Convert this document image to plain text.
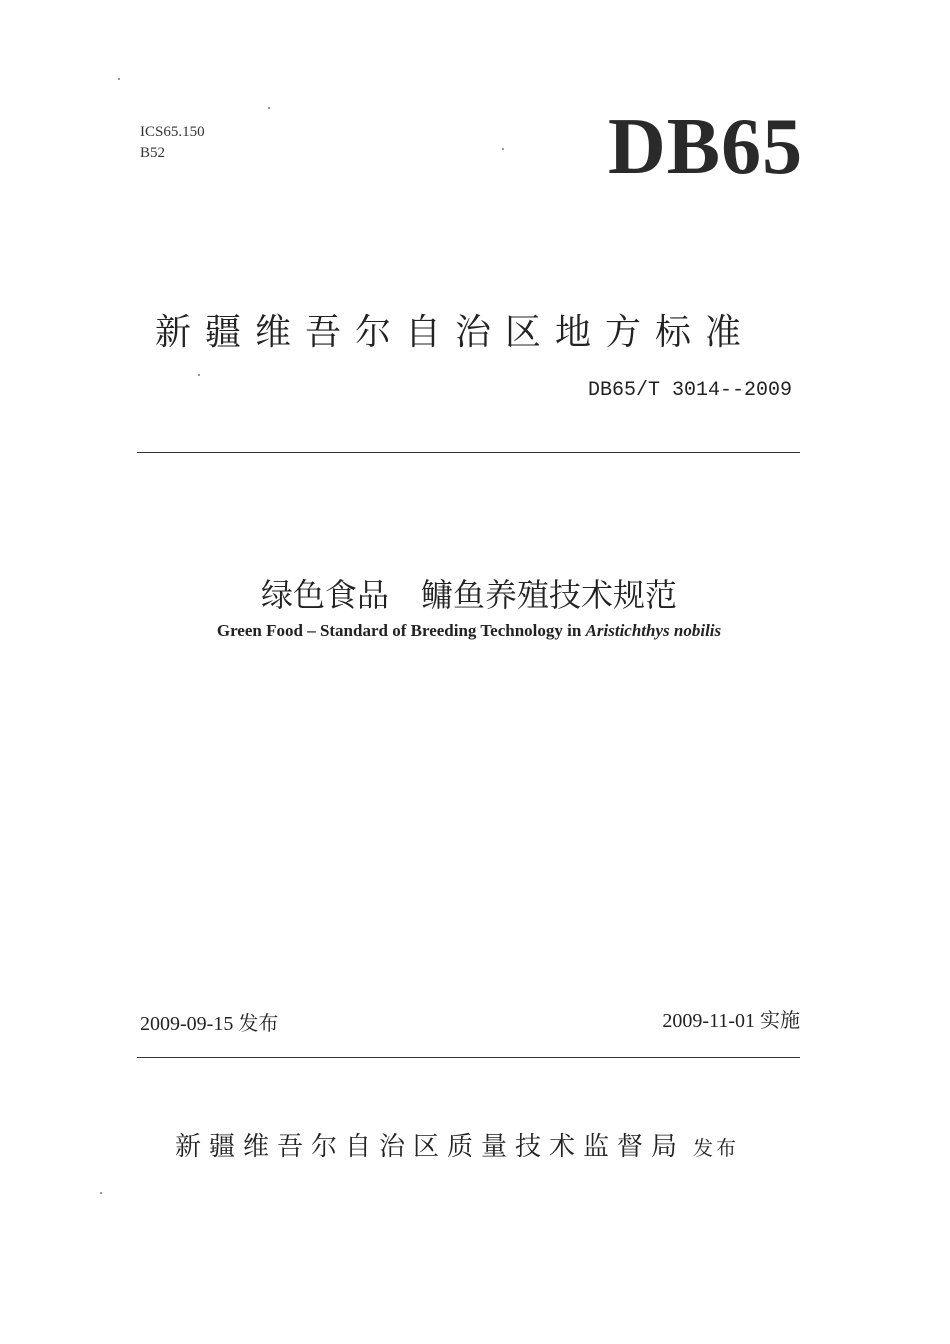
ICS65.150
B52	DB65
新疆维吾尔自治区地方标准
DB65/T 3014--2009
绿色食品　鳙鱼养殖技术规范
Green Food – Standard of Breeding Technology in Aristichthys nobilis
2009-09-15 发布	2009-11-01 实施
新疆维吾尔自治区质量技术监督局 发布
